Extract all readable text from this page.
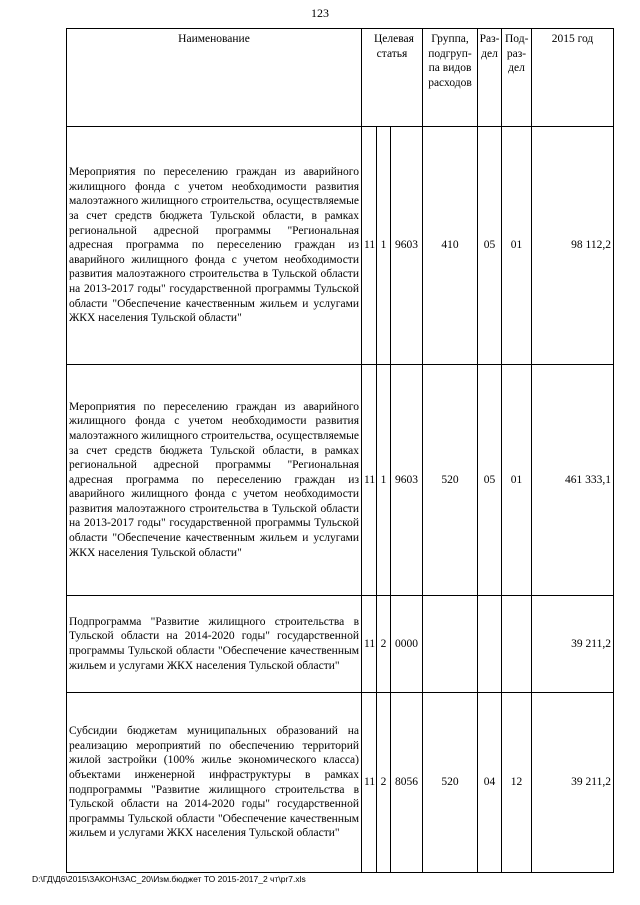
123
Наименование	Целевая статья			Группа, подгруп-па видов расходов	Раз-дел	Под-раз-дел	2015 год
Мероприятия по переселению граждан из аварийного жилищного фонда с учетом необходимости развития малоэтажного жилищного строительства, осуществляемые за счет средств бюджета Тульской области, в рамках региональной адресной программы "Региональная адресная программа по переселению граждан из аварийного жилищного фонда с учетом необходимости развития малоэтажного строительства в Тульской области на 2013-2017 годы" государственной программы Тульской области "Обеспечение качественным жильем и услугами ЖКХ населения Тульской области"	11	1	9603	410	05	01	98 112,2
Мероприятия по переселению граждан из аварийного жилищного фонда с учетом необходимости развития малоэтажного жилищного строительства, осуществляемые за счет средств бюджета Тульской области, в рамках региональной адресной программы "Региональная адресная программа по переселению граждан из аварийного жилищного фонда с учетом необходимости развития малоэтажного строительства в Тульской области на 2013-2017 годы" государственной программы Тульской области "Обеспечение качественным жильем и услугами ЖКХ населения Тульской области"	11	1	9603	520	05	01	461 333,1
Подпрограмма "Развитие жилищного строительства в Тульской области на 2014-2020 годы" государственной программы Тульской области "Обеспечение качественным жильем и услугами ЖКХ населения Тульской области"	11	2	0000				39 211,2
Субсидии бюджетам муниципальных образований на реализацию мероприятий по обеспечению территорий жилой застройки (100% жилье экономического класса) объектами инженерной инфраструктуры в рамках подпрограммы "Развитие жилищного строительства в Тульской области на 2014-2020 годы" государственной программы Тульской области "Обеспечение качественным жильем и услугами ЖКХ населения Тульской области"	11	2	8056	520	04	12	39 211,2
D:\ГД\Д6\2015\ЗАКОН\ЗАС_20\Изм.бюджет ТО 2015-2017_2 чт\pr7.xls
